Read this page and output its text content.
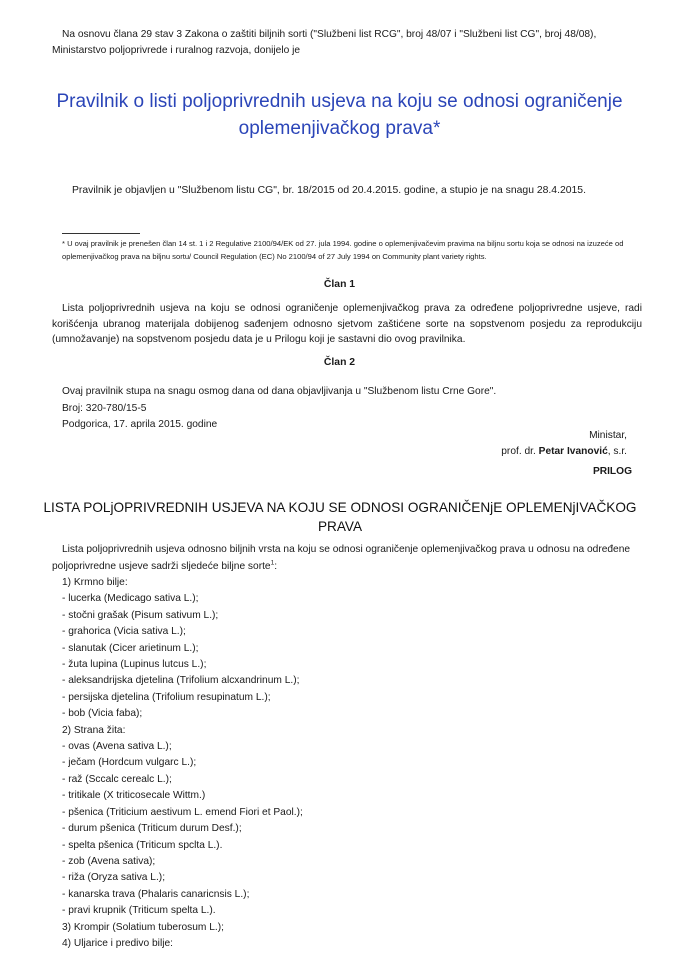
Na osnovu člana 29 stav 3 Zakona o zaštiti biljnih sorti ("Službeni list RCG", broj 48/07 i "Službeni list CG", broj 48/08), Ministarstvo poljoprivrede i ruralnog razvoja, donijelo je

Pravilnik o listi poljoprivrednih usjeva na koju se odnosi ograničenje oplemenjivačkog prava*

Pravilnik je objavljen u "Službenom listu CG", br. 18/2015 od 20.4.2015. godine, a stupio je na snagu 28.4.2015.

* U ovaj pravilnik je prenešen član 14 st. 1 i 2 Regulative 2100/94/EK od 27. jula 1994. godine o oplemenjivačevim pravima na biljnu sortu koja se odnosi na izuzeće od oplemenjivačkog prava na biljnu sortu/ Council Regulation (EC) No 2100/94 of 27 July 1994 on Community plant variety rights.

Član 1

Lista poljoprivrednih usjeva na koju se odnosi ograničenje oplemenjivačkog prava za određene poljoprivredne usjeve, radi korišćenja ubranog materijala dobijenog sađenjem odnosno sjetvom zaštićene sorte na sopstvenom posjedu za reprodukciju (umnožavanje) na sopstvenom posjedu data je u Prilogu koji je sastavni dio ovog pravilnika.

Član 2

Ovaj pravilnik stupa na snagu osmog dana od dana objavljivanja u "Službenom listu Crne Gore".
Broj: 320-780/15-5
Podgorica, 17. aprila 2015. godine
Ministar,
prof. dr. Petar Ivanović, s.r.

PRILOG

LISTA POLjOPRIVREDNIH USJEVA NA KOJU SE ODNOSI OGRANIČENjE OPLEMENjIVAČKOG PRAVA

Lista poljoprivrednih usjeva odnosno biljnih vrsta na koju se odnosi ograničenje oplemenjivačkog prava u odnosu na određene poljoprivredne usjeve sadrži sljedeće biljne sorte$^1$:

1) Krmno bilje:
- lucerka (Medicago sativa L.);
- stočni grašak (Pisum sativum L.);
- grahorica (Vicia sativa L.);
- slanutak (Cicer arietinum L.);
- žuta lupina (Lupinus lutcus L.);
- aleksandrijska djetelina (Trifolium alcxandrinum L.);
- persijska djetelina (Trifolium resupinatum L.);
- bob (Vicia faba);
2) Strana žita:
- ovas (Avena sativa L.);
- ječam (Hordcum vulgarc L.);
- raž (Sccalc cerealc L.);
- tritikale (X triticosecale Wittm.)
- pšenica (Triticium aestivum L. emend Fiori et Paol.);
- durum pšenica (Triticum durum Desf.);
- spelta pšenica (Triticum spclta L.).
- zob (Avena sativa);
- riža (Oryza sativa L.);
- kanarska trava (Phalaris canaricnsis L.);
- pravi krupnik (Triticum spelta L.).
3) Krompir (Solatium tuberosum L.);
4) Uljarice i predivo bilje:
